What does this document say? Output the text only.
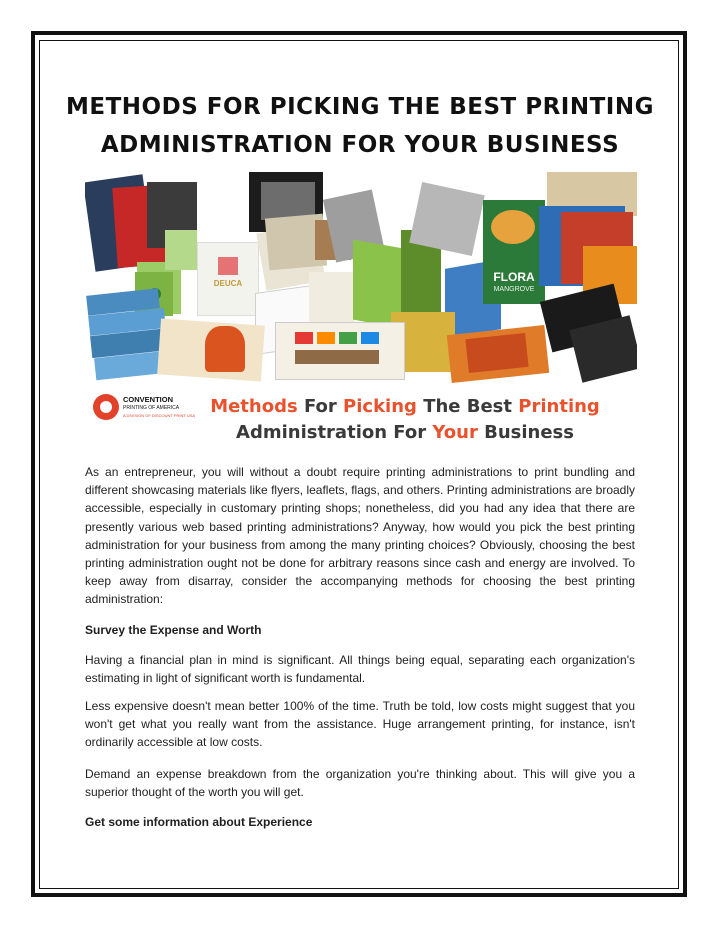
METHODS FOR PICKING THE BEST PRINTING
ADMINISTRATION FOR YOUR BUSINESS
DEUCA	FLORA
MANGROVE
CONVENTION
PRINTING OF AMERICA
A DIVISION OF DISCOUNT PRINT USA Methods For Picking The Best Printing
Administration For Your Business
As an entrepreneur, you will without a doubt require printing administrations to print bundling and different showcasing materials like flyers, leaflets, flags, and others. Printing administrations are broadly accessible, especially in customary printing shops; nonetheless, did you had any idea that there are presently various web based printing administrations? Anyway, how would you pick the best printing administration for your business from among the many printing choices? Obviously, choosing the best printing administration ought not be done for arbitrary reasons since cash and energy are involved. To keep away from disarray, consider the accompanying methods for choosing the best printing administration:
Survey the Expense and Worth
Having a financial plan in mind is significant. All things being equal, separating each organization's estimating in light of significant worth is fundamental.
Less expensive doesn't mean better 100% of the time. Truth be told, low costs might suggest that you won't get what you really want from the assistance. Huge arrangement printing, for instance, isn't ordinarily accessible at low costs.
Demand an expense breakdown from the organization you're thinking about. This will give you a superior thought of the worth you will get.
Get some information about Experience
